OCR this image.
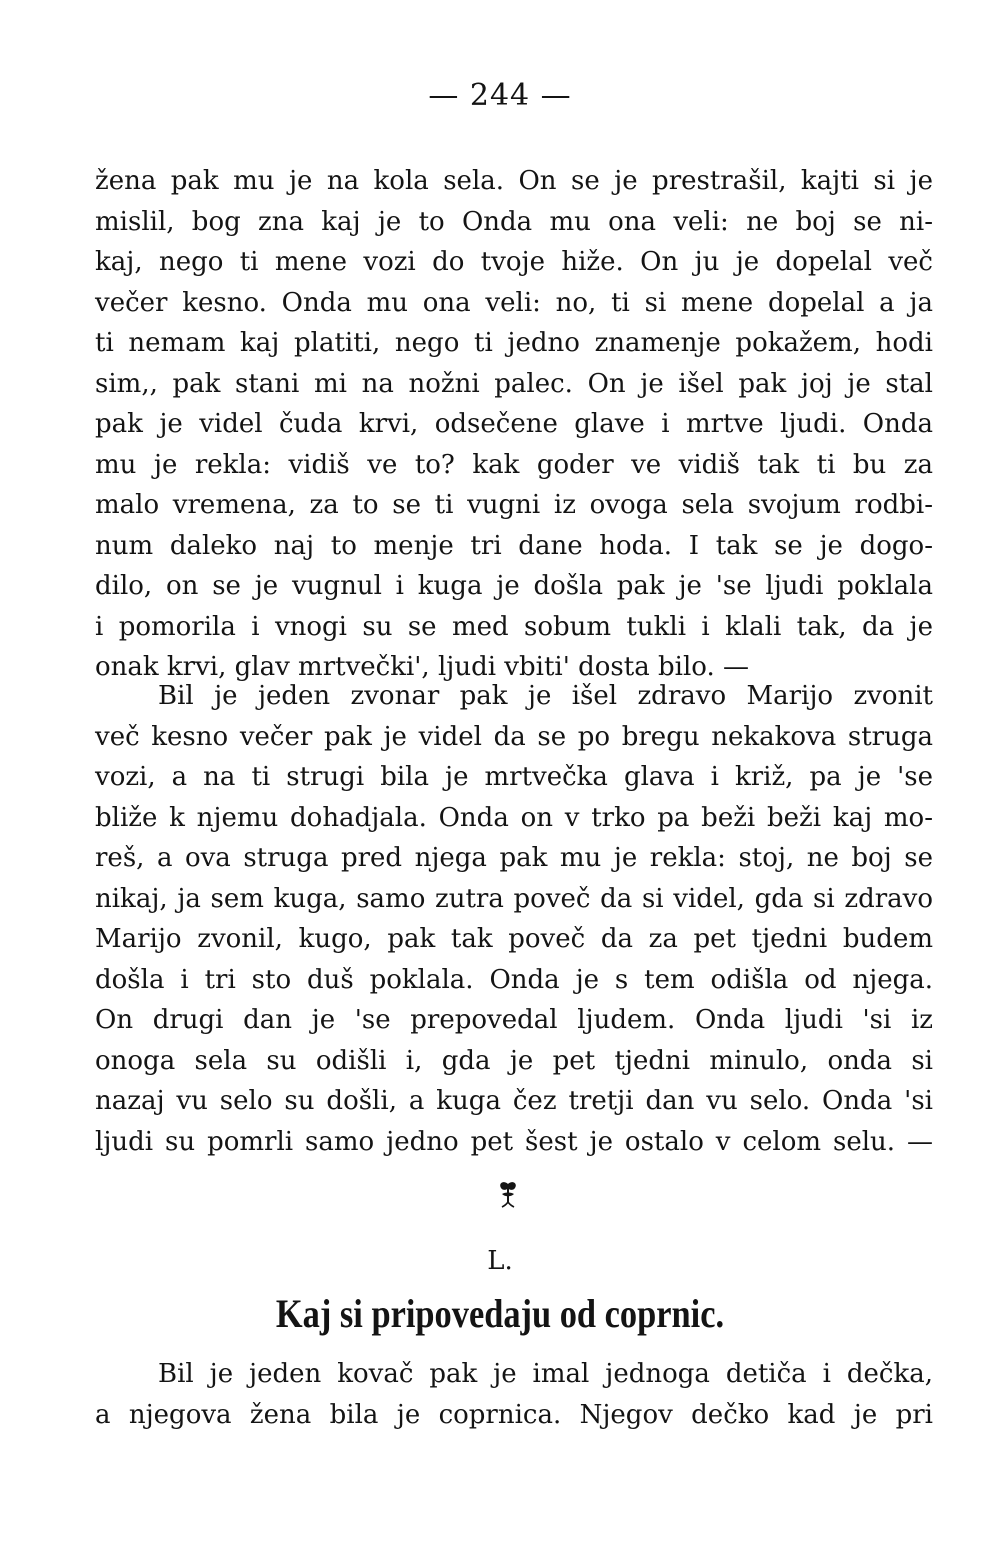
— 244 —
žena pak mu je na kola sela. On se je prestrašil, kajti si je
mislil, bog zna kaj je to Onda mu ona veli: ne boj se ni-
kaj, nego ti mene vozi do tvoje hiže. On ju je dopelal več
večer kesno. Onda mu ona veli: no, ti si mene dopelal a ja
ti nemam kaj platiti, nego ti jedno znamenje pokažem, hodi
sim,, pak stani mi na nožni palec. On je išel pak joj je stal
pak je videl čuda krvi, odsečene glave i mrtve ljudi. Onda
mu je rekla: vidiš ve to? kak goder ve vidiš tak ti bu za
malo vremena, za to se ti vugni iz ovoga sela svojum rodbi-
num daleko naj to menje tri dane hoda. I tak se je dogo-
dilo, on se je vugnul i kuga je došla pak je 'se ljudi poklala
i pomorila i vnogi su se med sobum tukli i klali tak, da je
onak krvi, glav mrtvečki', ljudi vbiti' dosta bilo. —
Bil je jeden zvonar pak je išel zdravo Marijo zvonit
več kesno večer pak je videl da se po bregu nekakova struga
vozi, a na ti strugi bila je mrtvečka glava i križ, pa je 'se
bliže k njemu dohadjala. Onda on v trko pa beži beži kaj mo-
reš, a ova struga pred njega pak mu je rekla: stoj, ne boj se
nikaj, ja sem kuga, samo zutra poveč da si videl, gda si zdravo
Marijo zvonil, kugo, pak tak poveč da za pet tjedni budem
došla i tri sto duš poklala. Onda je s tem odišla od njega.
On drugi dan je 'se prepovedal ljudem. Onda ljudi 'si iz
onoga sela su odišli i, gda je pet tjedni minulo, onda si
nazaj vu selo su došli, a kuga čez tretji dan vu selo. Onda 'si
ljudi su pomrli samo jedno pet šest je ostalo v celom selu. —
L.
Kaj si pripovedaju od coprnic.
Bil je jeden kovač pak je imal jednoga detiča i dečka,
a njegova žena bila je coprnica. Njegov dečko kad je pri
